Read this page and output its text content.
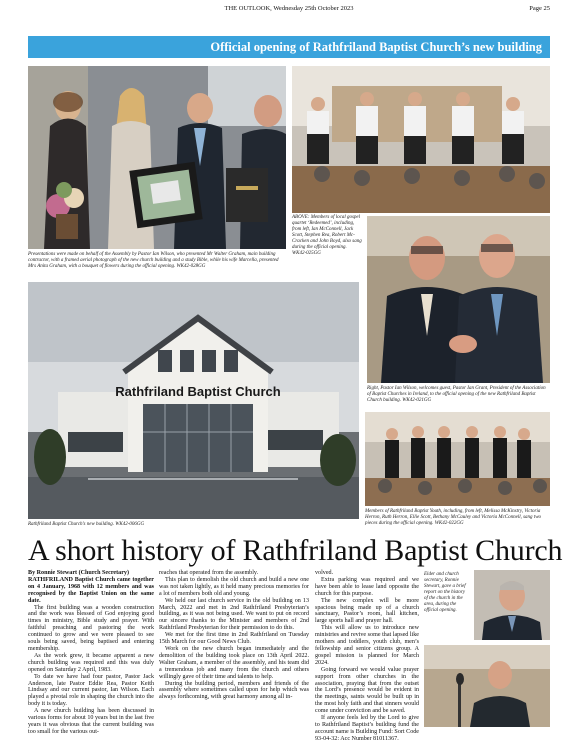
THE OUTLOOK, Wednesday 25th October 2023	Page 25
Official opening of Rathfriland Baptist Church’s new building
Presentations were made on behalf of the Assembly by Pastor Ian Wilson, who presented Mr Walter Graham, main building contractor, with a framed aerial photograph of the new church building and a study Bible, while his wife Marcella, presented Mrs Anita Graham, with a bouquet of flowers during the official opening. WK42-028GG
ABOVE: Members of local gospel quartet ‘Redeemed’, including, from left, Ian McConnell, Jack Scott, Stephen Rea, Robert Mc-Cracken and John Boyd, also sang during the official opening. WK42-025GG
Right, Pastor Ian Wilson, welcomes guest, Pastor Ian Grant, President of the Association of Baptist Churches in Ireland, to the official opening of the new Rathfriland Baptist Church building. WK42-021GG
Rathfriland Baptist Church
Rathfriland Baptist Church’s new building. WK42-006GG
Members of Rathfriland Baptist Youth, including, from left, Melissa McKinstry, Victoria Herron, Ruth Herron, Ellie Scott, Bethany McCauley and Victoria McConnell, sang two pieces during the official opening. WK42-022GG
A short history of Rathfriland Baptist Church

By Ronnie Stewart (Church Secretary)

RATHFRILAND Baptist Church came together on 4 January, 1968 with 12 members and was recognised by the Baptist Union on the same date.

The first building was a wooden construction and the work was blessed of God enjoying good times in ministry, Bible study and prayer. With faithful preaching and pastoring the work continued to grow and we were pleased to see souls being saved, being baptised and entering membership.

As the work grew, it became apparent a new church building was required and this was duly opened on Saturday 2 April, 1983.

To date we have had four pastor, Pastor Jack Anderson, late Pastor Eddie Rea, Pastor Keith Lindsay and our current pastor, Ian Wilson. Each played a pivotal role in shaping the church into the body it is today.

A new church building has been discussed in various forms for about 10 years but in the last five years it was obvious that the current building was too small for the various out-

reaches that operated from the assembly.

This plan to demolish the old church and build a new one was not taken lightly, as it held many precious memories for a lot of members both old and young.

We held our last church service in the old building on 13 March, 2022 and met in 2nd Rathfriland Presbyterian’s building, as it was not being used. We want to put on record our sincere thanks to the Minister and members of 2nd Rathfriland Presbyterian for their permission to do this.

We met for the first time in 2nd Rathfriland on Tuesday 15th March for our Good News Club.

Work on the new church began immediately and the demolition of the building took place on 13th April 2022. Walter Graham, a member of the assembly, and his team did a tremendous job and many from the church and others willingly gave of their time and talents to help.

During the building period, members and friends of the assembly where sometimes called upon for help which was always forthcoming, with great harmony among all in-

volved.

Extra parking was required and we have been able to lease land opposite the church for this purpose.

The new complex will be more spacious being made up of a church sanctuary, Pastor’s room, hall kitchen, large sports hall and prayer hall.

This will allow us to introduce new ministries and revive some that lapsed like mothers and toddlers, youth club, men’s fellowship and senior citizens group. A gospel mission is planned for March 2024.

Going forward we would value prayer support from other churches in the association, praying that from the outset the Lord’s presence would be evident in the meetings, saints would be built up in the most holy faith and that sinners would come under conviction and be saved.

If anyone feels led by the Lord to give to Rathfriland Baptist’s building fund the account name is Building Fund: Sort Code 93-04-32: Acc Number 81011367.

Elder and church secretary, Ronnie Stewart, gave a brief report on the history of the church in the area, during the official opening.
